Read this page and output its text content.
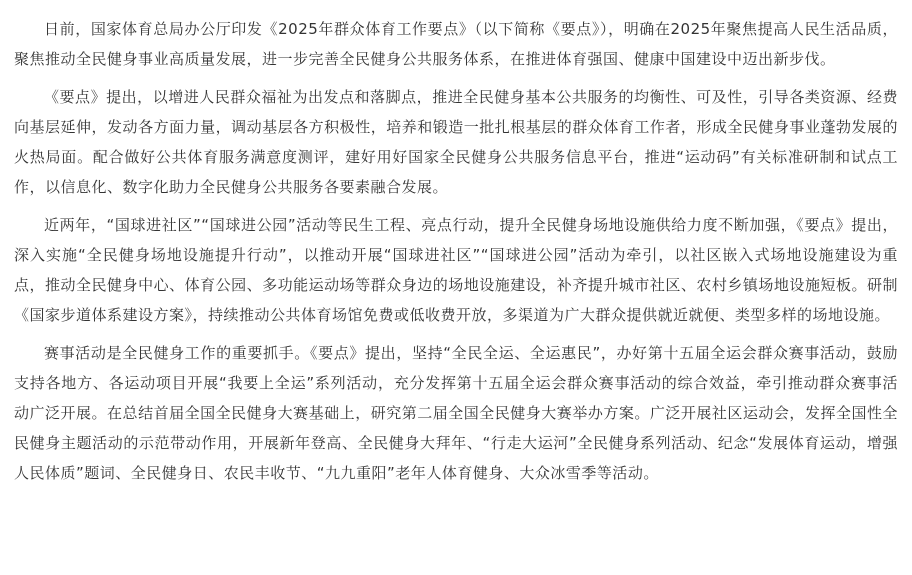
日前，国家体育总局办公厅印发《2025年群众体育工作要点》（以下简称《要点》），明确在2025年聚焦提高人民生活品质，聚焦推动全民健身事业高质量发展，进一步完善全民健身公共服务体系，在推进体育强国、健康中国建设中迈出新步伐。

《要点》提出，以增进人民群众福祉为出发点和落脚点，推进全民健身基本公共服务的均衡性、可及性，引导各类资源、经费向基层延伸，发动各方面力量，调动基层各方积极性，培养和锻造一批扎根基层的群众体育工作者，形成全民健身事业蓬勃发展的火热局面。配合做好公共体育服务满意度测评，建好用好国家全民健身公共服务信息平台，推进“运动码”有关标准研制和试点工作，以信息化、数字化助力全民健身公共服务各要素融合发展。

近两年，“国球进社区”“国球进公园”活动等民生工程、亮点行动，提升全民健身场地设施供给力度不断加强，《要点》提出，深入实施“全民健身场地设施提升行动”，以推动开展“国球进社区”“国球进公园”活动为牵引，以社区嵌入式场地设施建设为重点，推动全民健身中心、体育公园、多功能运动场等群众身边的场地设施建设，补齐提升城市社区、农村乡镇场地设施短板。研制《国家步道体系建设方案》，持续推动公共体育场馆免费或低收费开放，多渠道为广大群众提供就近就便、类型多样的场地设施。

赛事活动是全民健身工作的重要抓手。《要点》提出，坚持“全民全运、全运惠民”，办好第十五届全运会群众赛事活动，鼓励支持各地方、各运动项目开展“我要上全运”系列活动，充分发挥第十五届全运会群众赛事活动的综合效益，牵引推动群众赛事活动广泛开展。在总结首届全国全民健身大赛基础上，研究第二届全国全民健身大赛举办方案。广泛开展社区运动会，发挥全国性全民健身主题活动的示范带动作用，开展新年登高、全民健身大拜年、“行走大运河”全民健身系列活动、纪念“发展体育运动，增强人民体质”题词、全民健身日、农民丰收节、“九九重阳”老年人体育健身、大众冰雪季等活动。
